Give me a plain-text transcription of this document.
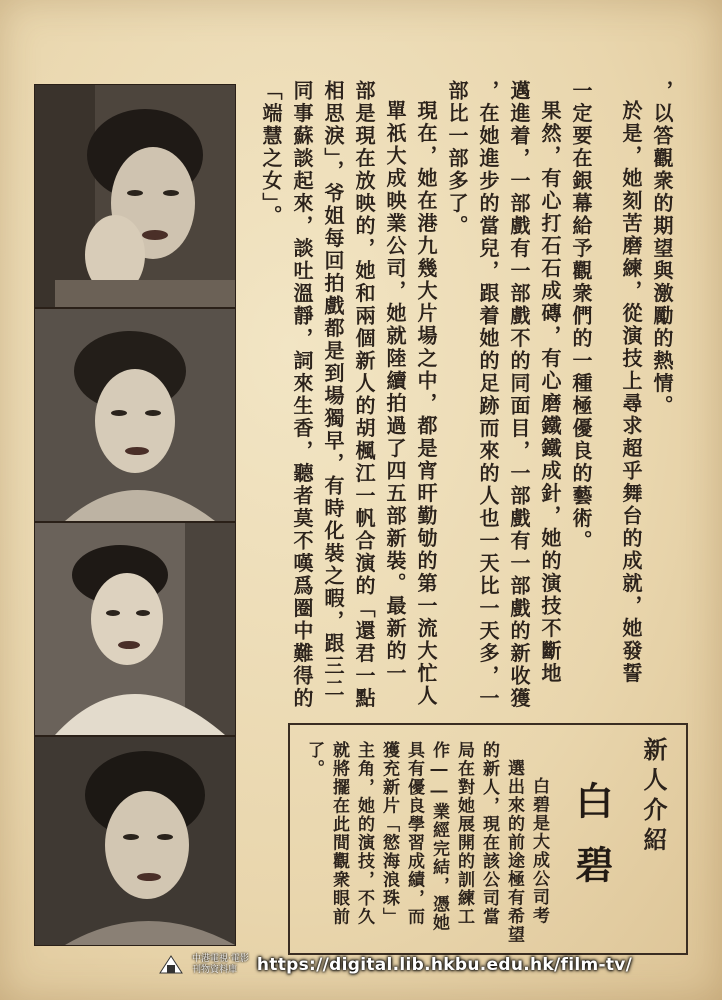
，以答觀衆的期望與激勵的熱情。
於是，她刻苦磨練，從演技上尋求超乎舞台的成就，她發誓
一定要在銀幕給予觀衆們的一種極優良的藝術。
果然，有心打石石成磚，有心磨鐵鐵成針，她的演技不斷地
邁進着，一部戲有一部戲不的同面目，一部戲有一部戲的新收獲
，在她進步的當兒，跟着她的足跡而來的人也一天比一天多，一
部比一部多了。
現在，她在港九幾大片場之中，都是宵旰勤劬的第一流大忙人
單祇大成映業公司，她就陸續拍過了四五部新裝。最新的一
部是現在放映的，她和兩個新人的胡楓江一帆合演的「還君一點
相思淚」，爷姐每回拍戲都是到場獨早，有時化裝之暇，跟三二
同事蘇談起來，談吐溫靜，詞來生香，聽者莫不嘆爲圈中難得的
「端慧之女」。
新人介紹
白碧
白碧是大成公司考
選出來的前途極有希望
的新人，現在該公司當
局在對她展開的訓練工
作――業經完結，憑她
具有優良學習成績，而
獲充新片「慾海浪珠」
主角，她的演技，不久
就將擺在此間觀衆眼前
了。
中港電視·電影
刊物資料庫	https://digital.lib.hkbu.edu.hk/film-tv/
